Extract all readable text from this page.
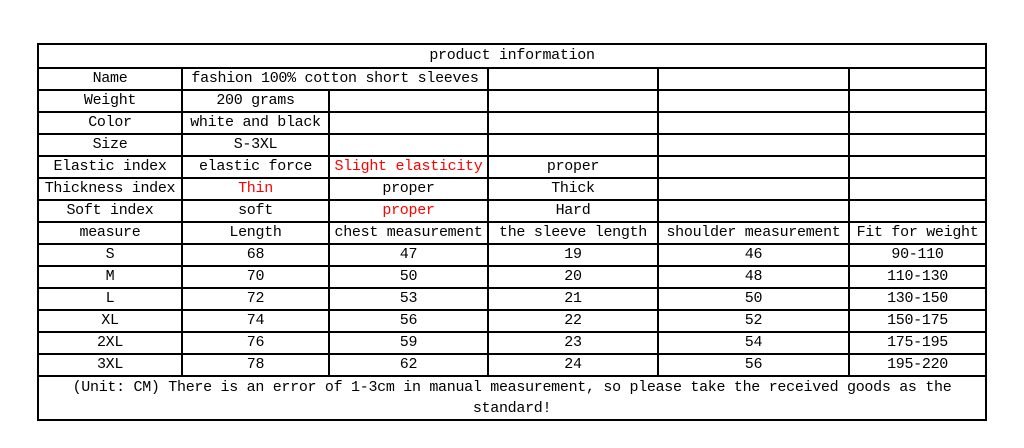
product information					
Name	fashion 100% cotton short sleeves				
Weight	200 grams				
Color	white and black				
Size	S-3XL				
Elastic index	elastic force	Slight elasticity	proper		
Thickness index	Thin	proper	Thick		
Soft index	soft	proper	Hard		
measure	Length	chest measurement	the sleeve length	shoulder measurement	Fit for weight
S	68	47	19	46	90-110
M	70	50	20	48	110-130
L	72	53	21	50	130-150
XL	74	56	22	52	150-175
2XL	76	59	23	54	175-195
3XL	78	62	24	56	195-220
(Unit: CM) There is an error of 1-3cm in manual measurement, so please take the received goods as the standard!					
